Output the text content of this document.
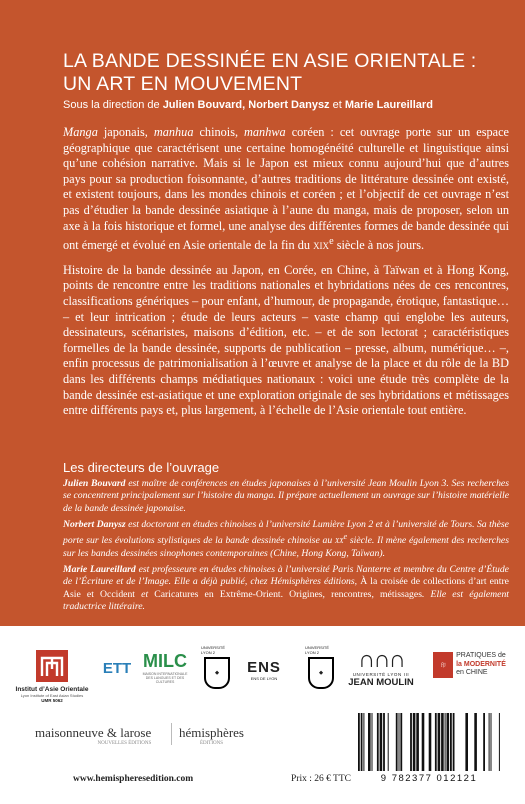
LA BANDE DESSINÉE EN ASIE ORIENTALE : UN ART EN MOUVEMENT
Sous la direction de Julien Bouvard, Norbert Danysz et Marie Laureillard

Manga japonais, manhua chinois, manhwa coréen : cet ouvrage porte sur un espace géographique que caractérisent une certaine homogénéité culturelle et linguistique ainsi qu’une cohésion narrative. Mais si le Japon est mieux connu aujourd’hui que d’autres pays pour sa production foisonnante, d’autres traditions de littérature dessinée ont existé, et existent toujours, dans les mondes chinois et coréen ; et l’objectif de cet ouvrage n’est pas d’étudier la bande dessinée asiatique à l’aune du manga, mais de proposer, selon un axe à la fois historique et formel, une analyse des différentes formes de bande dessinée qui ont émergé et évolué en Asie orientale de la fin du xix$^e$ siècle à nos jours.

Histoire de la bande dessinée au Japon, en Corée, en Chine, à Taïwan et à Hong Kong, points de rencontre entre les traditions nationales et hybridations nées de ces rencontres, classifications génériques – pour enfant, d’humour, de propagande, érotique, fantastique… – et leur intrication ; étude de leurs acteurs – vaste champ qui englobe les auteurs, dessinateurs, scénaristes, maisons d’édition, etc. – et de son lectorat ; caractéristiques formelles de la bande dessinée, supports de publication – presse, album, numérique… –, enfin processus de patrimonialisation à l’œuvre et analyse de la place et du rôle de la BD dans les différents champs médiatiques nationaux : voici une étude très complète de la bande dessinée est-asiatique et une exploration originale de ses hybridations et métissages entre différents pays et, plus largement, à l’échelle de l’Asie orientale tout entière.

Les directeurs de l’ouvrage

Julien Bouvard est maître de conférences en études japonaises à l’université Jean Moulin Lyon 3. Ses recherches se concentrent principalement sur l’histoire du manga. Il prépare actuellement un ouvrage sur l’histoire matérielle de la bande dessinée japonaise.

Norbert Danysz est doctorant en études chinoises à l’université Lumière Lyon 2 et à l’université de Tours. Sa thèse porte sur les évolutions stylistiques de la bande dessinée chinoise au $xx^e$ siècle. Il mène également des recherches sur les bandes dessinées sinophones contemporaines (Chine, Hong Kong, Taïwan).

Marie Laureillard est professeure en études chinoises à l’université Paris Nanterre et membre du Centre d’Étude de l’Écriture et de l’Image. Elle a déjà publié, chez Hémisphères éditions, À la croisée de collections d’art entre Asie et Occident et Caricatures en Extrême-Orient. Origines, rencontres, métissages. Elle est également traductrice littéraire.

Institut d’Asie Orientale
Lyon Institute of East Asian Studies
UMR 5062
ETT MILC
MAISON INTERNATIONALE DES LANGUES ET DES CULTURES
UNIVERSITÉ LYON 2
◆	ENS
ENS DE LYON
UNIVERSITÉ LYON 2
◆	∩∩∩
UNIVERSITÉ LYON III
JEAN MOULIN
印
PRATIQUES de
la MODERNITÉ
en CHINE
maisonneuve & larose
NOUVELLES ÉDITIONS
hémisphères
ÉDITIONS
www.hemispheresedition.com	Prix : 26 € TTC	9 782377 012121
